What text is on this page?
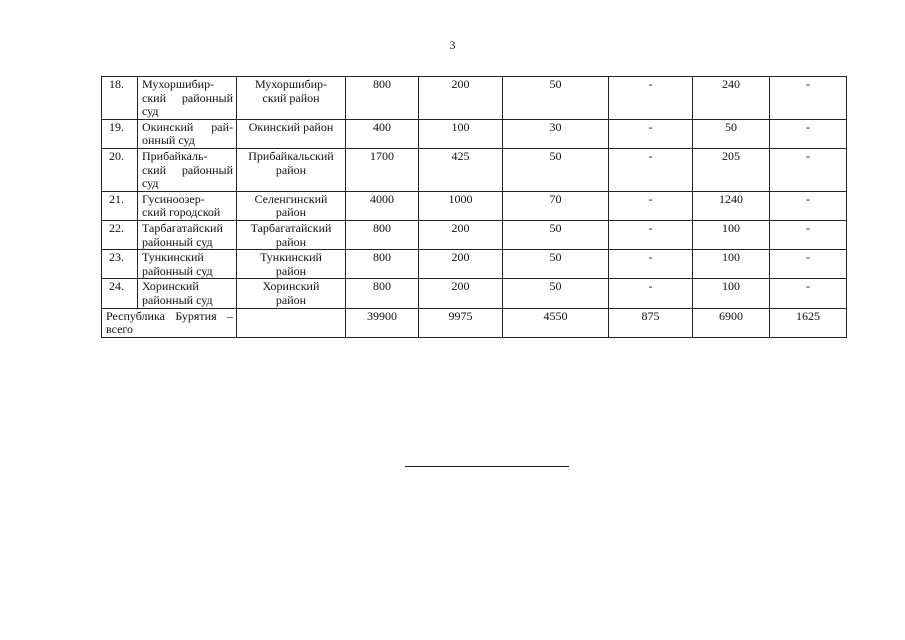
3
18.	Мухоршибир-
ский районный
суд	Мухоршибир-
ский район	800	200	50	-	240	-
19.	Окинский рай-
онный суд	Окинский район	400	100	30	-	50	-
20.	Прибайкаль-
ский районный
суд	Прибайкальский
район	1700	425	50	-	205	-
21.	Гусиноозер-
ский городской	Селенгинский
район	4000	1000	70	-	1240	-
22.	Тарбагатайский
районный суд	Тарбагатайский
район	800	200	50	-	100	-
23.	Тункинский
районный суд	Тункинский
район	800	200	50	-	100	-
24.	Хоринский
районный суд	Хоринский
район	800	200	50	-	100	-

Республика Бурятия –
всего			39900	9975	4550	875	6900	1625
